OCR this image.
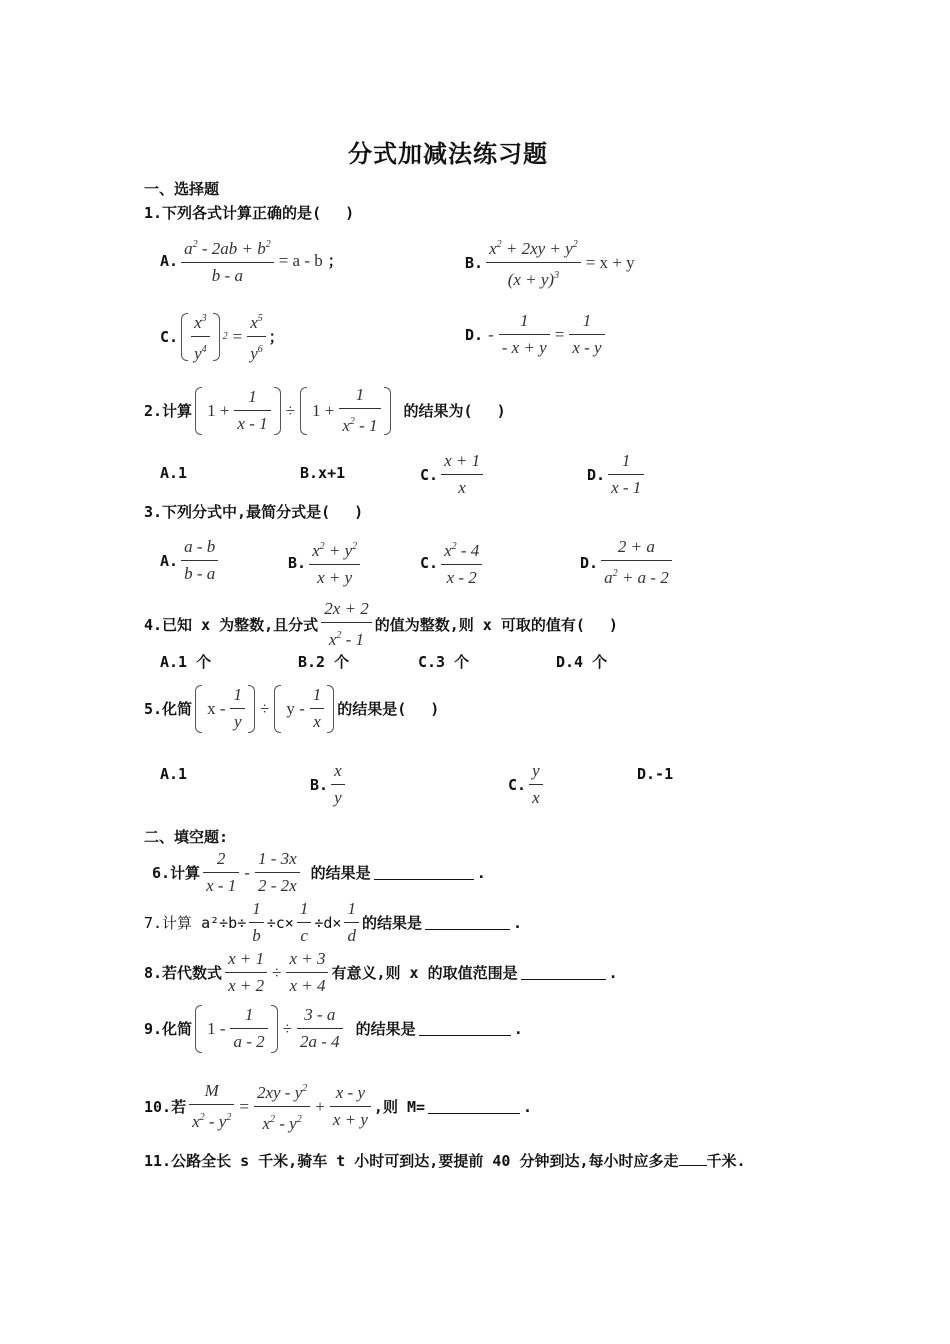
分式加减法练习题
一、选择题
1.下列各式计算正确的是(　 )
A. $\frac{a^2 - 2ab + b^2}{b - a} = a - b$ ；	B. $\frac{x^2 + 2xy + y^2}{(x + y)^3} = x + y$
C. $\frac{x^3}{y^4} 2 = \frac{x^5}{y^6}$ ；	D. - $\frac{1}{- x + y} = \frac{1}{x - y}$
2.计算 $1 + \frac{1}{x - 1} \div 1 + \frac{1}{x^2 - 1}$ 的结果为(　 )
A.1	B.x+1	C. $\frac{x + 1}{x}$	D. $\frac{1}{x - 1}$
3.下列分式中,最简分式是(　 )
A. $\frac{a - b}{b - a}$	B. $\frac{x^2 + y^2}{x + y}$	C. $\frac{x^2 - 4}{x - 2}$	D. $\frac{2 + a}{a^2 + a - 2}$
4.已知 x 为整数,且分式 $\frac{2x + 2}{x^2 - 1}$ 的值为整数,则 x 可取的值有(　 )
A.1 个	B.2 个	C.3 个	D.4 个
5.化简 $x - \frac{1}{y} \div y - \frac{1}{x}$ 的结果是(　 )
A.1
B. $\frac{x}{y}$	C. $\frac{y}{x}$	D.-1
二、填空题:
6.计算 $\frac{2}{x - 1} - \frac{1 - 3x}{2 - 2x}$ 的结果是	.
7.计算 $a^2\div b\div \frac{1}{b} \div c\times \frac{1}{c} \div d\times \frac{1}{d}$ 的结果是	.
8.若代数式 $\frac{x + 1}{x + 2} \div \frac{x + 3}{x + 4}$ 有意义,则 x 的取值范围是	.
9.化简 $1 - \frac{1}{a - 2} \div \frac{3 - a}{2a - 4}$ 的结果是	.
10.若 $\frac{M}{x^2 - y^2} = \frac{2xy - y^2}{x^2 - y^2} + \frac{x - y}{x + y}$ ,则 M=	.
11.公路全长 s 千米,骑车 t 小时可到达,要提前 40 分钟到达,每小时应多走 千米.
